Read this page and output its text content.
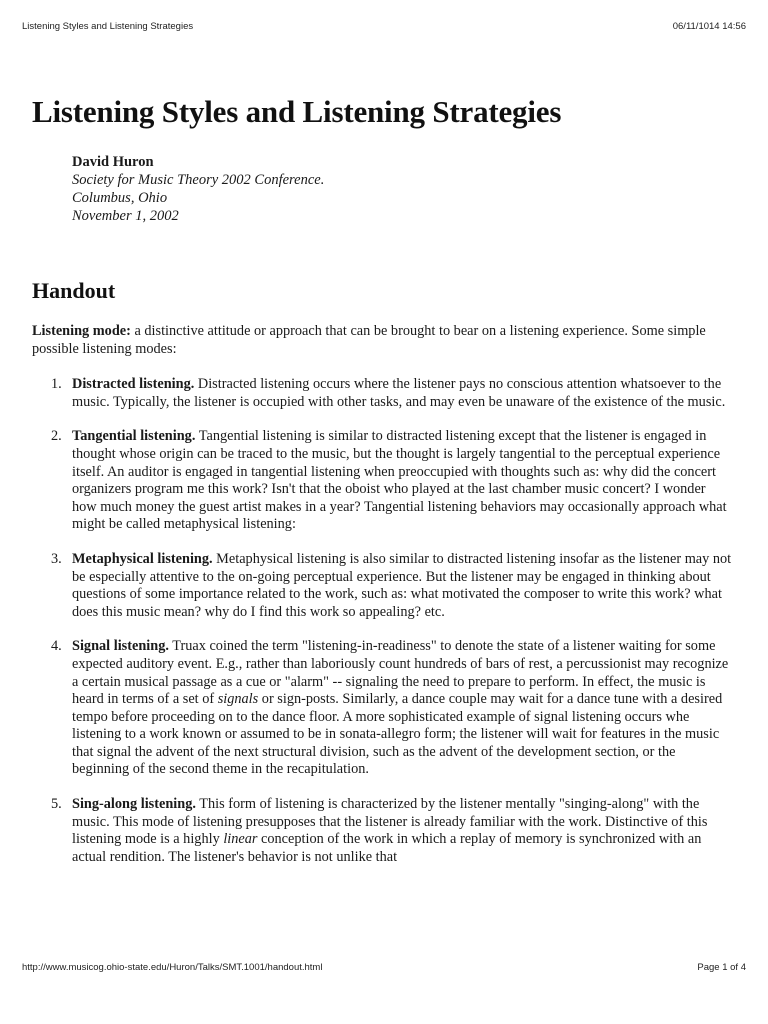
Listening Styles and Listening Strategies	06/11/1014 14:56
Listening Styles and Listening Strategies
David Huron
Society for Music Theory 2002 Conference.
Columbus, Ohio
November 1, 2002
Handout

Listening mode: a distinctive attitude or approach that can be brought to bear on a listening experience. Some simple possible listening modes:

1. Distracted listening. Distracted listening occurs where the listener pays no conscious attention whatsoever to the music. Typically, the listener is occupied with other tasks, and may even be unaware of the existence of the music.
2. Tangential listening. Tangential listening is similar to distracted listening except that the listener is engaged in thought whose origin can be traced to the music, but the thought is largely tangential to the perceptual experience itself. An auditor is engaged in tangential listening when preoccupied with thoughts such as: why did the concert organizers program me this work? Isn't that the oboist who played at the last chamber music concert? I wonder how much money the guest artist makes in a year? Tangential listening behaviors may occasionally approach what might be called metaphysical listening:
3. Metaphysical listening. Metaphysical listening is also similar to distracted listening insofar as the listener may not be especially attentive to the on-going perceptual experience. But the listener may be engaged in thinking about questions of some importance related to the work, such as: what motivated the composer to write this work? what does this music mean? why do I find this work so appealing? etc.
4. Signal listening. Truax coined the term "listening-in-readiness" to denote the state of a listener waiting for some expected auditory event. E.g., rather than laboriously count hundreds of bars of rest, a percussionist may recognize a certain musical passage as a cue or "alarm" -- signaling the need to prepare to perform. In effect, the music is heard in terms of a set of signals or sign-posts. Similarly, a dance couple may wait for a dance tune with a desired tempo before proceeding on to the dance floor. A more sophisticated example of signal listening occurs whe listening to a work known or assumed to be in sonata-allegro form; the listener will wait for features in the music that signal the advent of the next structural division, such as the advent of the development section, or the beginning of the second theme in the recapitulation.
5. Sing-along listening. This form of listening is characterized by the listener mentally "singing-along" with the music. This mode of listening presupposes that the listener is already familiar with the work. Distinctive of this listening mode is a highly linear conception of the work in which a replay of memory is synchronized with an actual rendition. The listener's behavior is not unlike that
http://www.musicog.ohio-state.edu/Huron/Talks/SMT.1001/handout.html	Page 1 of 4
